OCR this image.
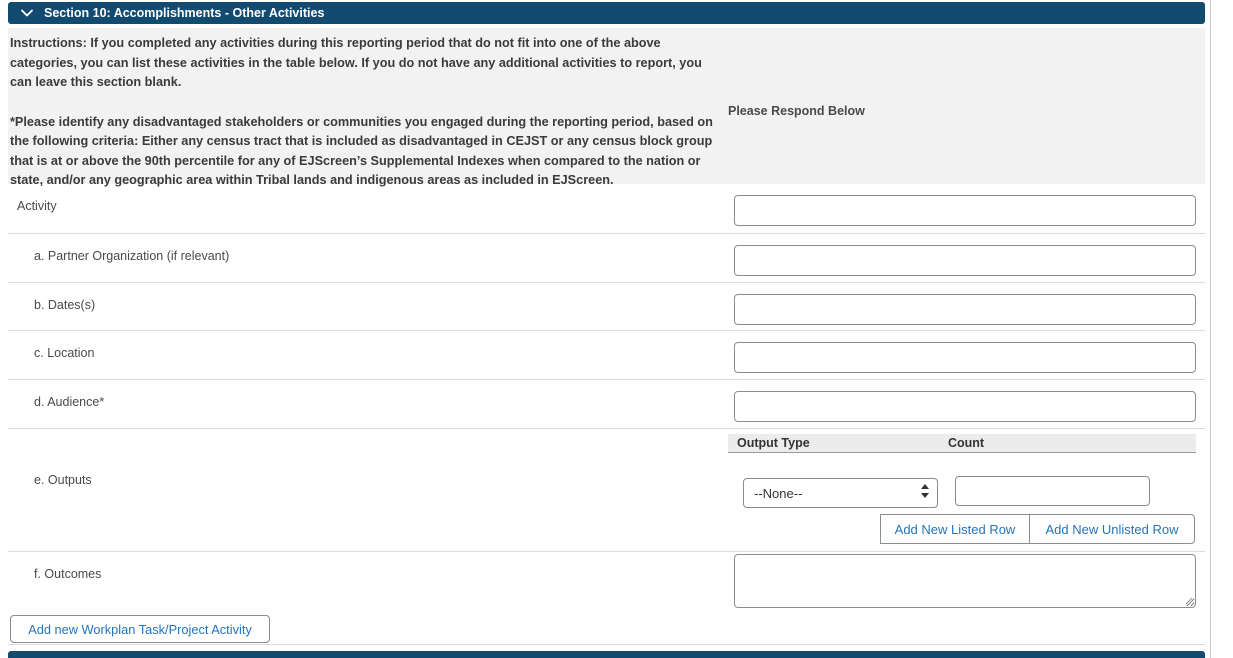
Section 10: Accomplishments - Other Activities

Instructions: If you completed any activities during this reporting period that do not fit into one of the above categories, you can list these activities in the table below. If you do not have any additional activities to report, you can leave this section blank.

*Please identify any disadvantaged stakeholders or communities you engaged during the reporting period, based on the following criteria: Either any census tract that is included as disadvantaged in CEJST or any census block group that is at or above the 90th percentile for any of EJScreen’s Supplemental Indexes when compared to the nation or state, and/or any geographic area within Tribal lands and indigenous areas as included in EJScreen.

Please Respond Below
Activity
a. Partner Organization (if relevant)
b. Dates(s)
c. Location
d. Audience*
e. Outputs
Output Type	Count
--None--
Add New Listed Row	Add New Unlisted Row
f. Outcomes
Add new Workplan Task/Project Activity
